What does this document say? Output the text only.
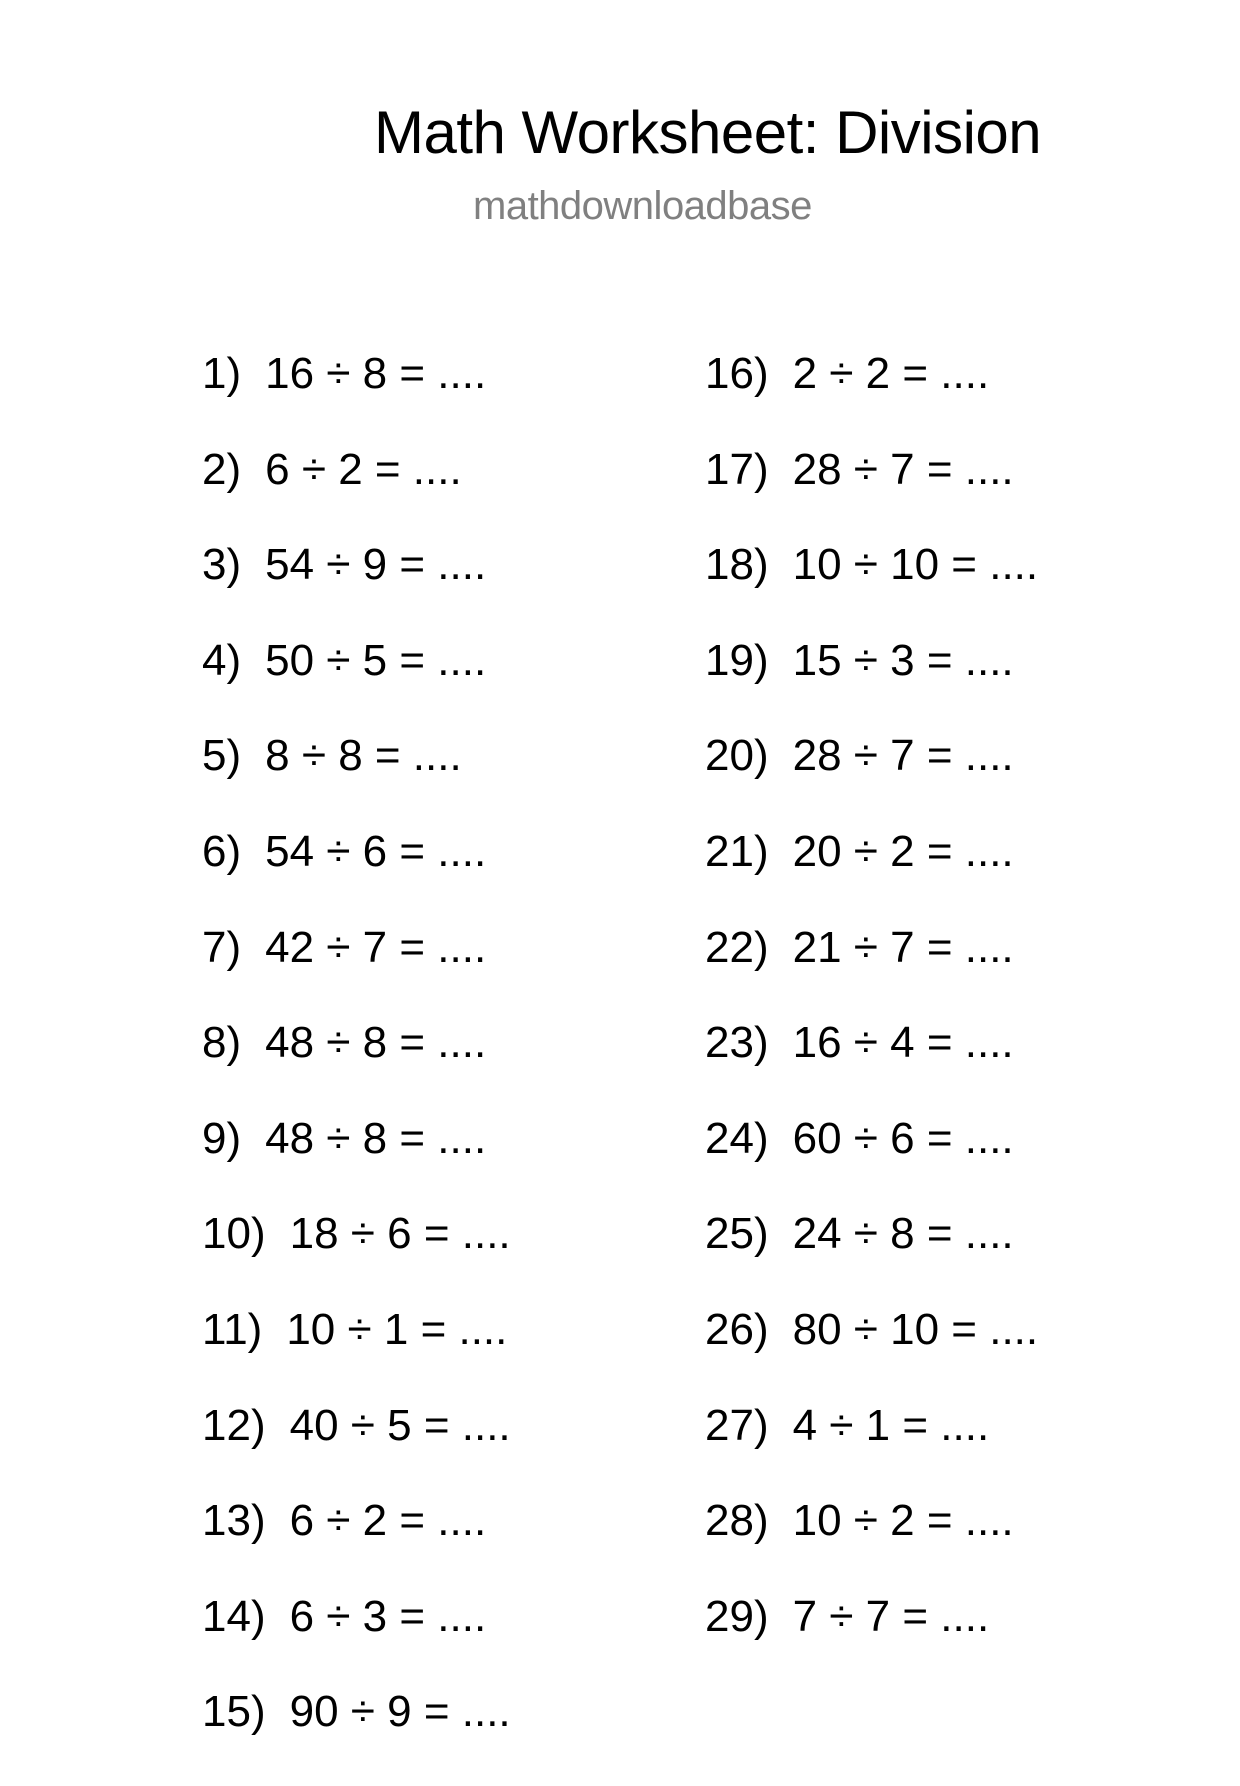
Math Worksheet: Division
mathdownloadbase
1) 16 ÷ 8 = ....
2) 6 ÷ 2 = ....
3) 54 ÷ 9 = ....
4) 50 ÷ 5 = ....
5) 8 ÷ 8 = ....
6) 54 ÷ 6 = ....
7) 42 ÷ 7 = ....
8) 48 ÷ 8 = ....
9) 48 ÷ 8 = ....
10) 18 ÷ 6 = ....
11) 10 ÷ 1 = ....
12) 40 ÷ 5 = ....
13) 6 ÷ 2 = ....
14) 6 ÷ 3 = ....
15) 90 ÷ 9 = ....
16) 2 ÷ 2 = ....
17) 28 ÷ 7 = ....
18) 10 ÷ 10 = ....
19) 15 ÷ 3 = ....
20) 28 ÷ 7 = ....
21) 20 ÷ 2 = ....
22) 21 ÷ 7 = ....
23) 16 ÷ 4 = ....
24) 60 ÷ 6 = ....
25) 24 ÷ 8 = ....
26) 80 ÷ 10 = ....
27) 4 ÷ 1 = ....
28) 10 ÷ 2 = ....
29) 7 ÷ 7 = ....
